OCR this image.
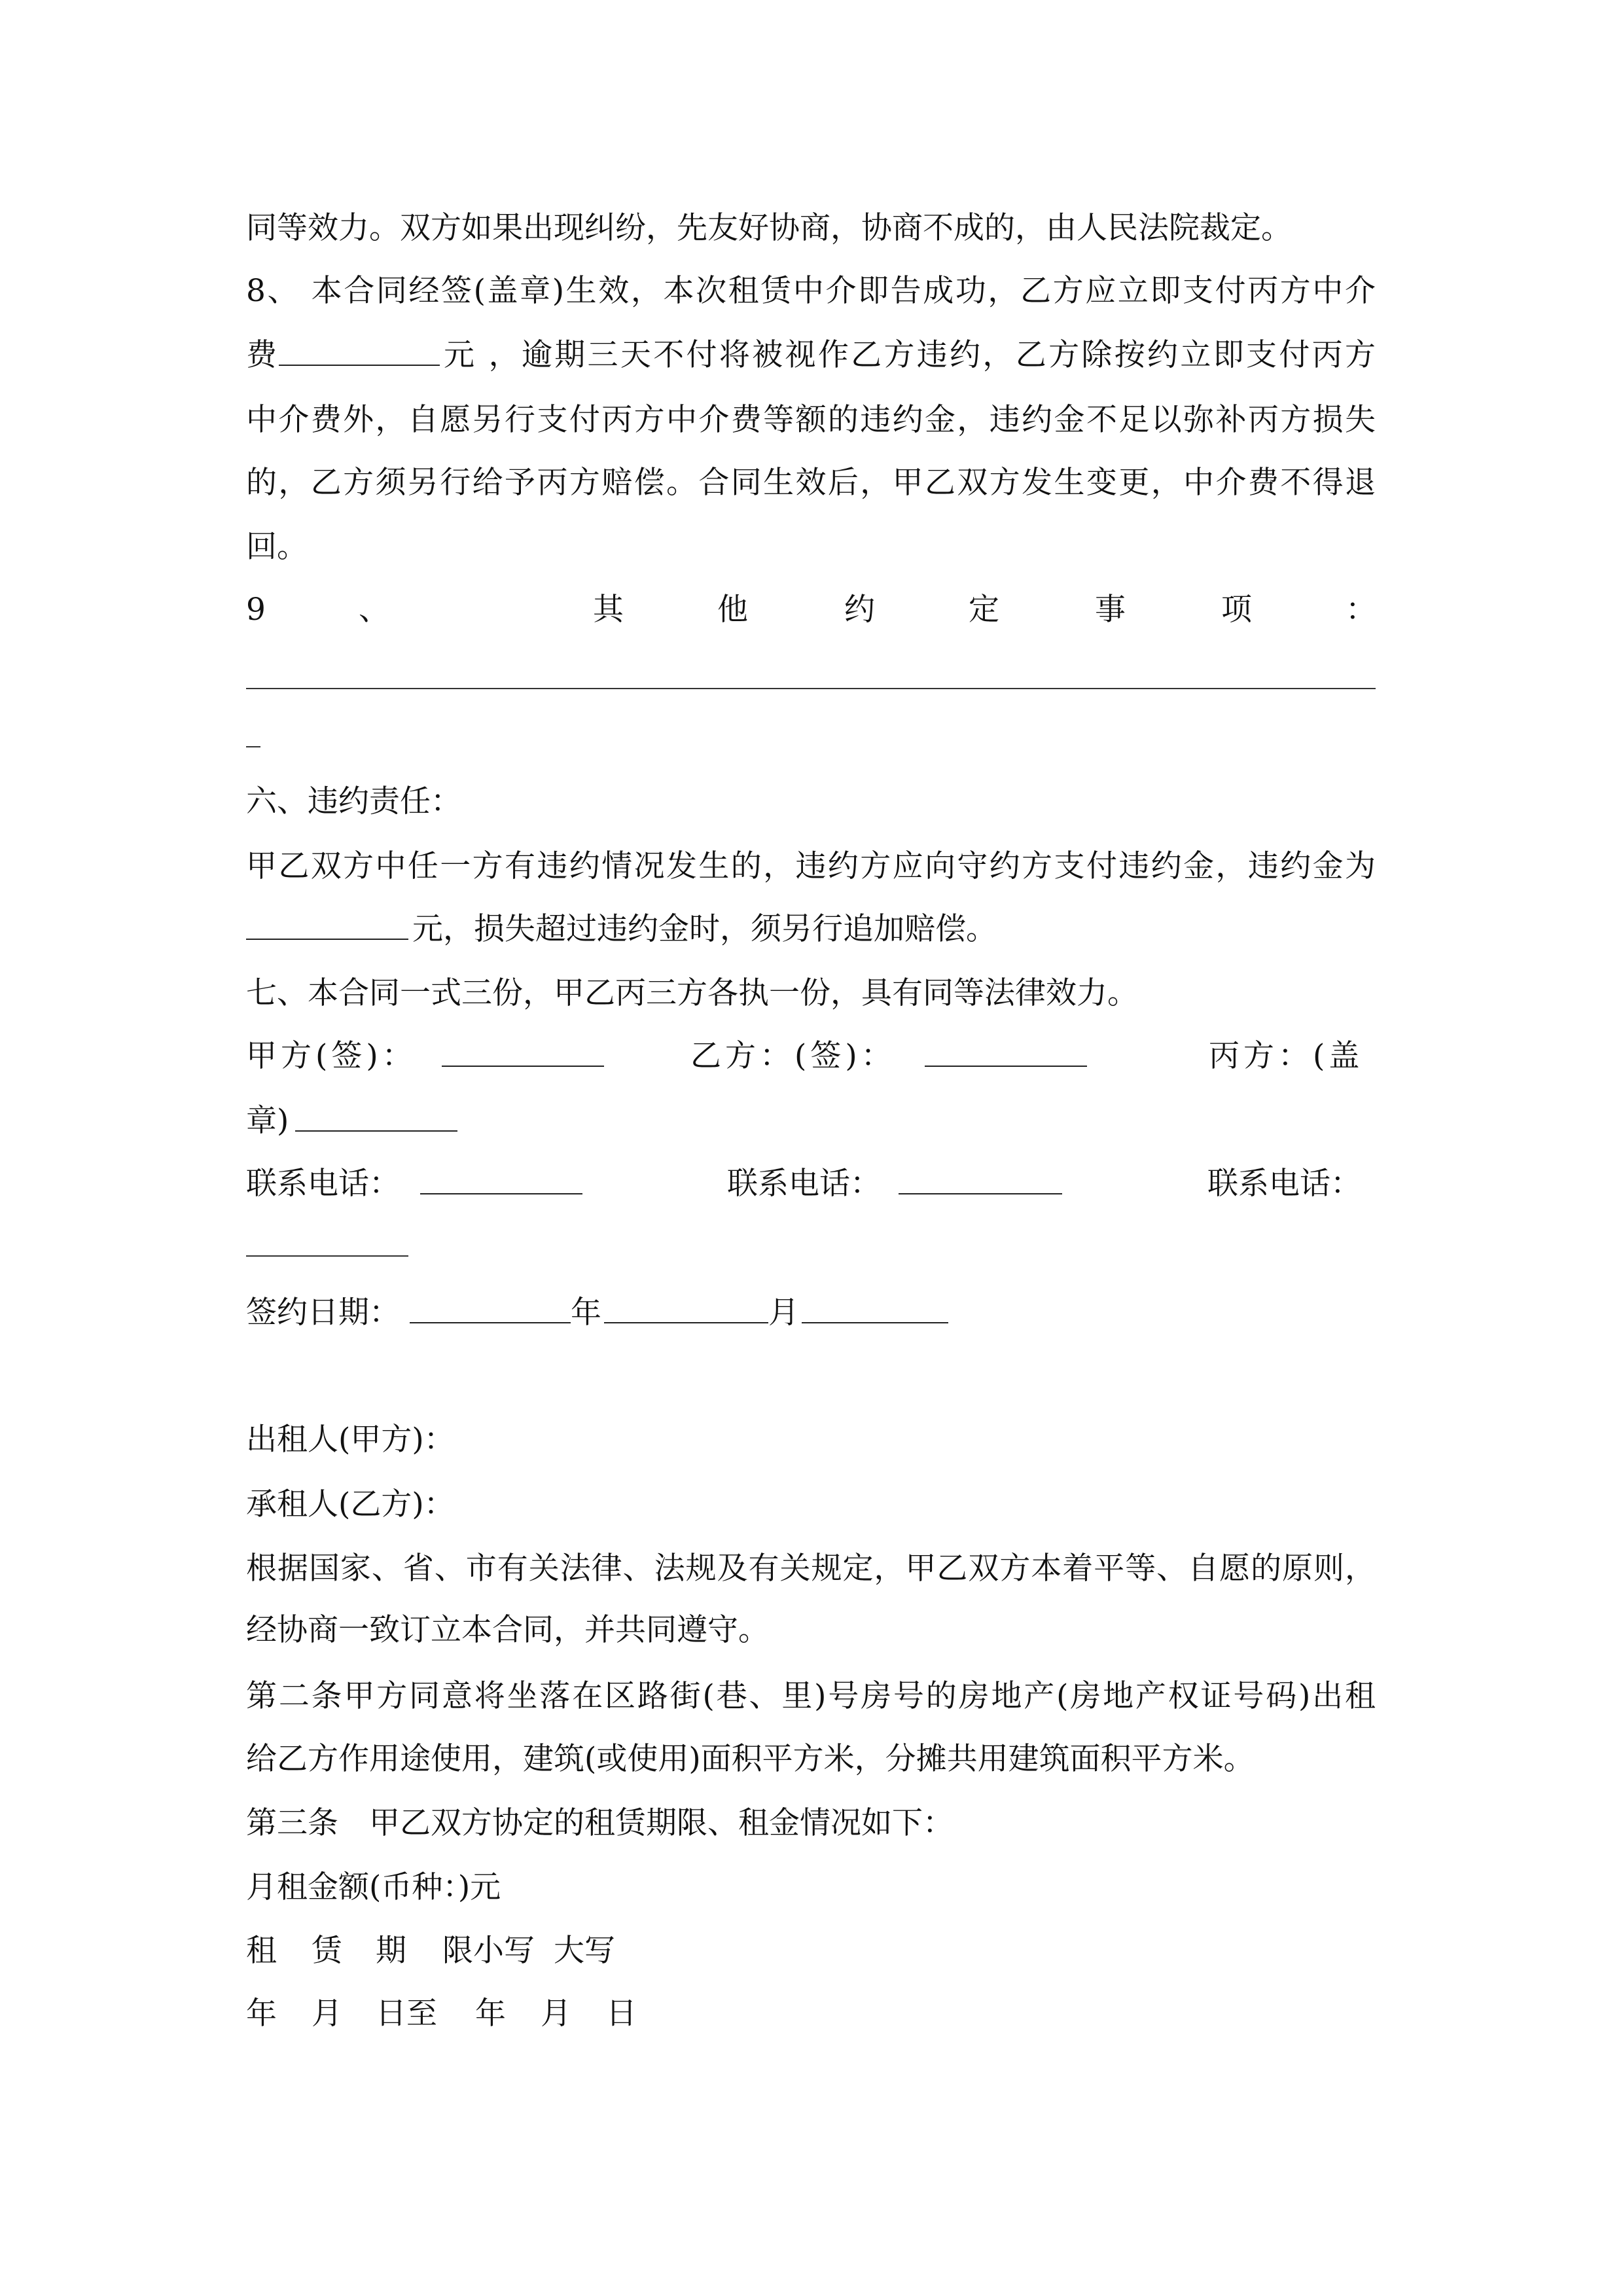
同等效力。双方如果出现纠纷，先友好协商，协商不成的，由人民法院裁定。
8、 本合同经签(盖章)生效，本次租赁中介即告成功，乙方应立即支付丙方中介
费	元 ，逾期三天不付将被视作乙方违约，乙方除按约立即支付丙方
中介费外，自愿另行支付丙方中介费等额的违约金，违约金不足以弥补丙方损失
的，乙方须另行给予丙方赔偿。合同生效后，甲乙双方发生变更，中介费不得退
回。
9	、	其	他	约	定	事	项	：
六、违约责任：
甲乙双方中任一方有违约情况发生的，违约方应向守约方支付违约金，违约金为
元，损失超过违约金时，须另行追加赔偿。
七、本合同一式三份，甲乙丙三方各执一份，具有同等法律效力。
甲方(签)：	乙方：(签)：	丙方：(盖
章)
联系电话：	联系电话：	联系电话：
签约日期：	年	月
出租人(甲方)：
承租人(乙方)：
根据国家、省、市有关法律、法规及有关规定，甲乙双方本着平等、自愿的原则，
经协商一致订立本合同，并共同遵守。
第二条甲方同意将坐落在区路街(巷、里)号房号的房地产(房地产权证号码)出租
给乙方作用途使用，建筑(或使用)面积平方米，分摊共用建筑面积平方米。
第三条　甲乙双方协定的租赁期限、租金情况如下：
月租金额(币种：)元
租 赁 期 限小写 大写
年 月 日至 年 月 日
